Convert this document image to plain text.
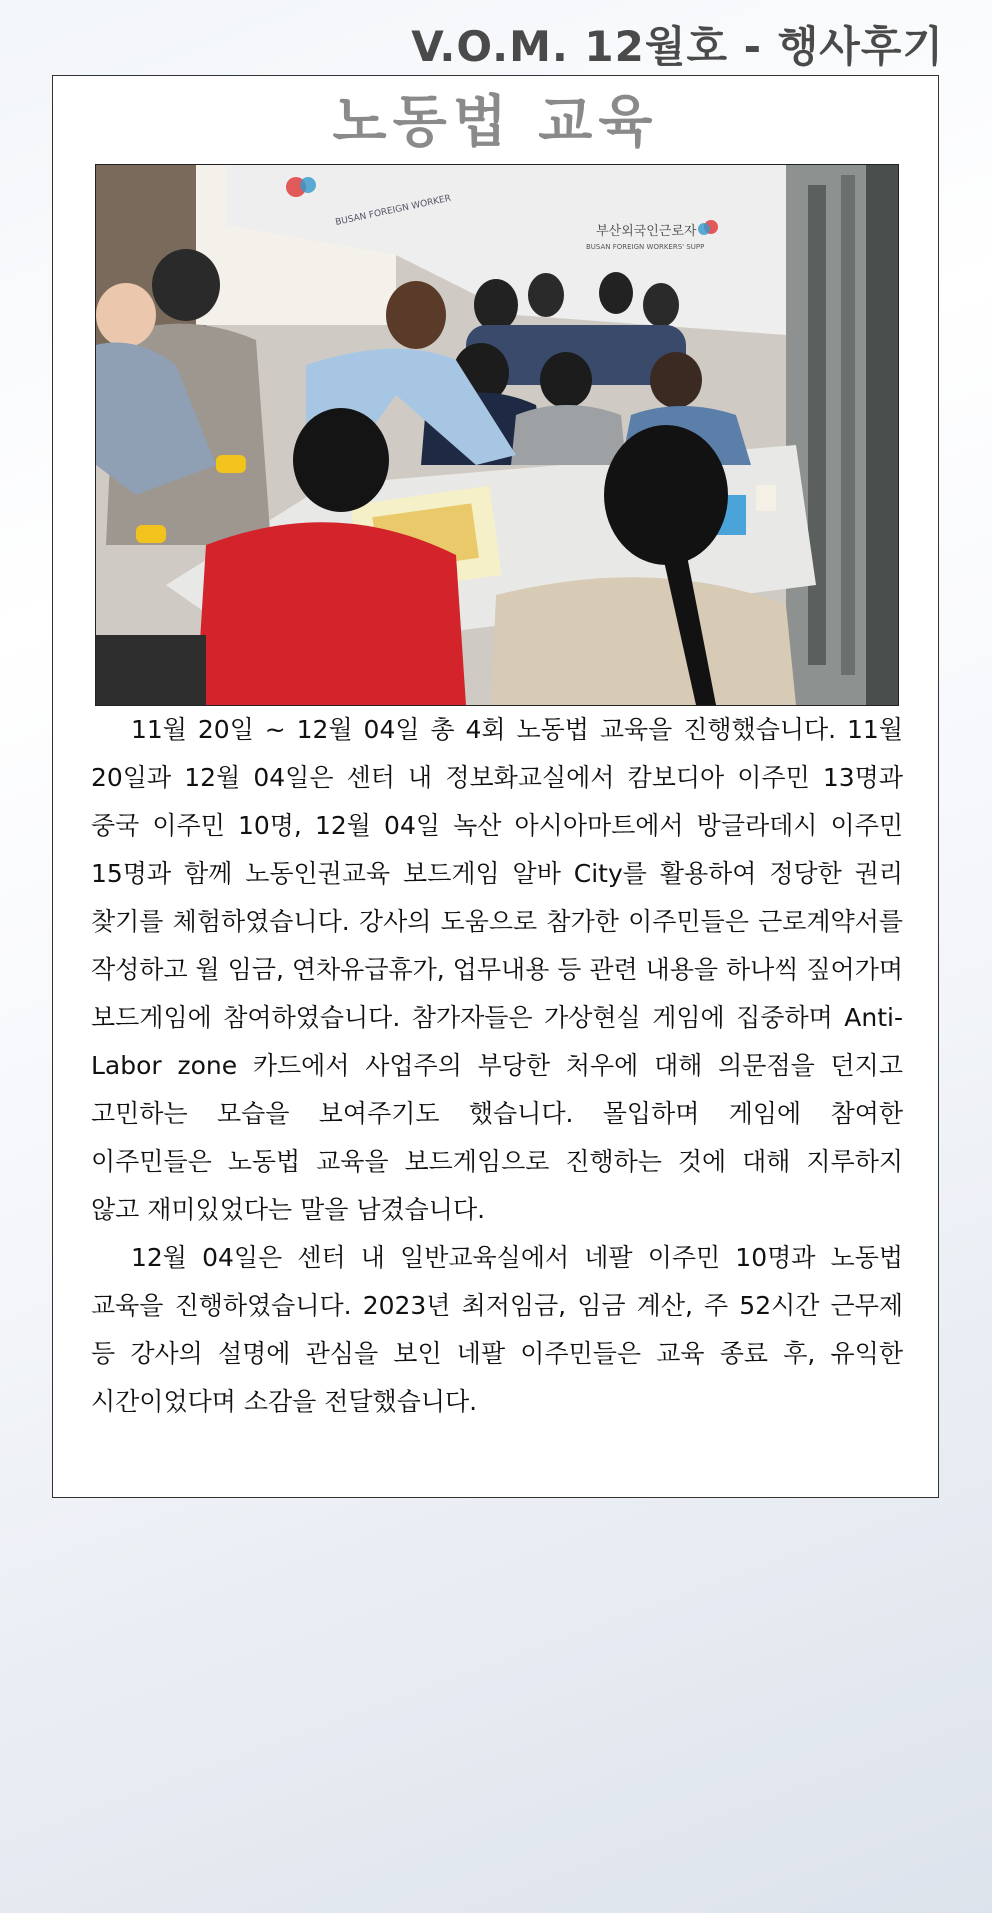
V.O.M. 12월호 - 행사후기
노동법 교육
부산외국인근로자
BUSAN FOREIGN WORKERS' SUPP
BUSAN FOREIGN WORKER

11월 20일 ~ 12월 04일 총 4회 노동법 교육을 진행했습니다. 11월 20일과 12월 04일은 센터 내 정보화교실에서 캄보디아 이주민 13명과 중국 이주민 10명, 12월 04일 녹산 아시아마트에서 방글라데시 이주민 15명과 함께 노동인권교육 보드게임 알바 City를 활용하여 정당한 권리 찾기를 체험하였습니다. 강사의 도움으로 참가한 이주민들은 근로계약서를 작성하고 월 임금, 연차유급휴가, 업무내용 등 관련 내용을 하나씩 짚어가며 보드게임에 참여하였습니다. 참가자들은 가상현실 게임에 집중하며 Anti-Labor zone 카드에서 사업주의 부당한 처우에 대해 의문점을 던지고 고민하는 모습을 보여주기도 했습니다. 몰입하며 게임에 참여한 이주민들은 노동법 교육을 보드게임으로 진행하는 것에 대해 지루하지 않고 재미있었다는 말을 남겼습니다.

12월 04일은 센터 내 일반교육실에서 네팔 이주민 10명과 노동법 교육을 진행하였습니다. 2023년 최저임금, 임금 계산, 주 52시간 근무제 등 강사의 설명에 관심을 보인 네팔 이주민들은 교육 종료 후, 유익한 시간이었다며 소감을 전달했습니다.
